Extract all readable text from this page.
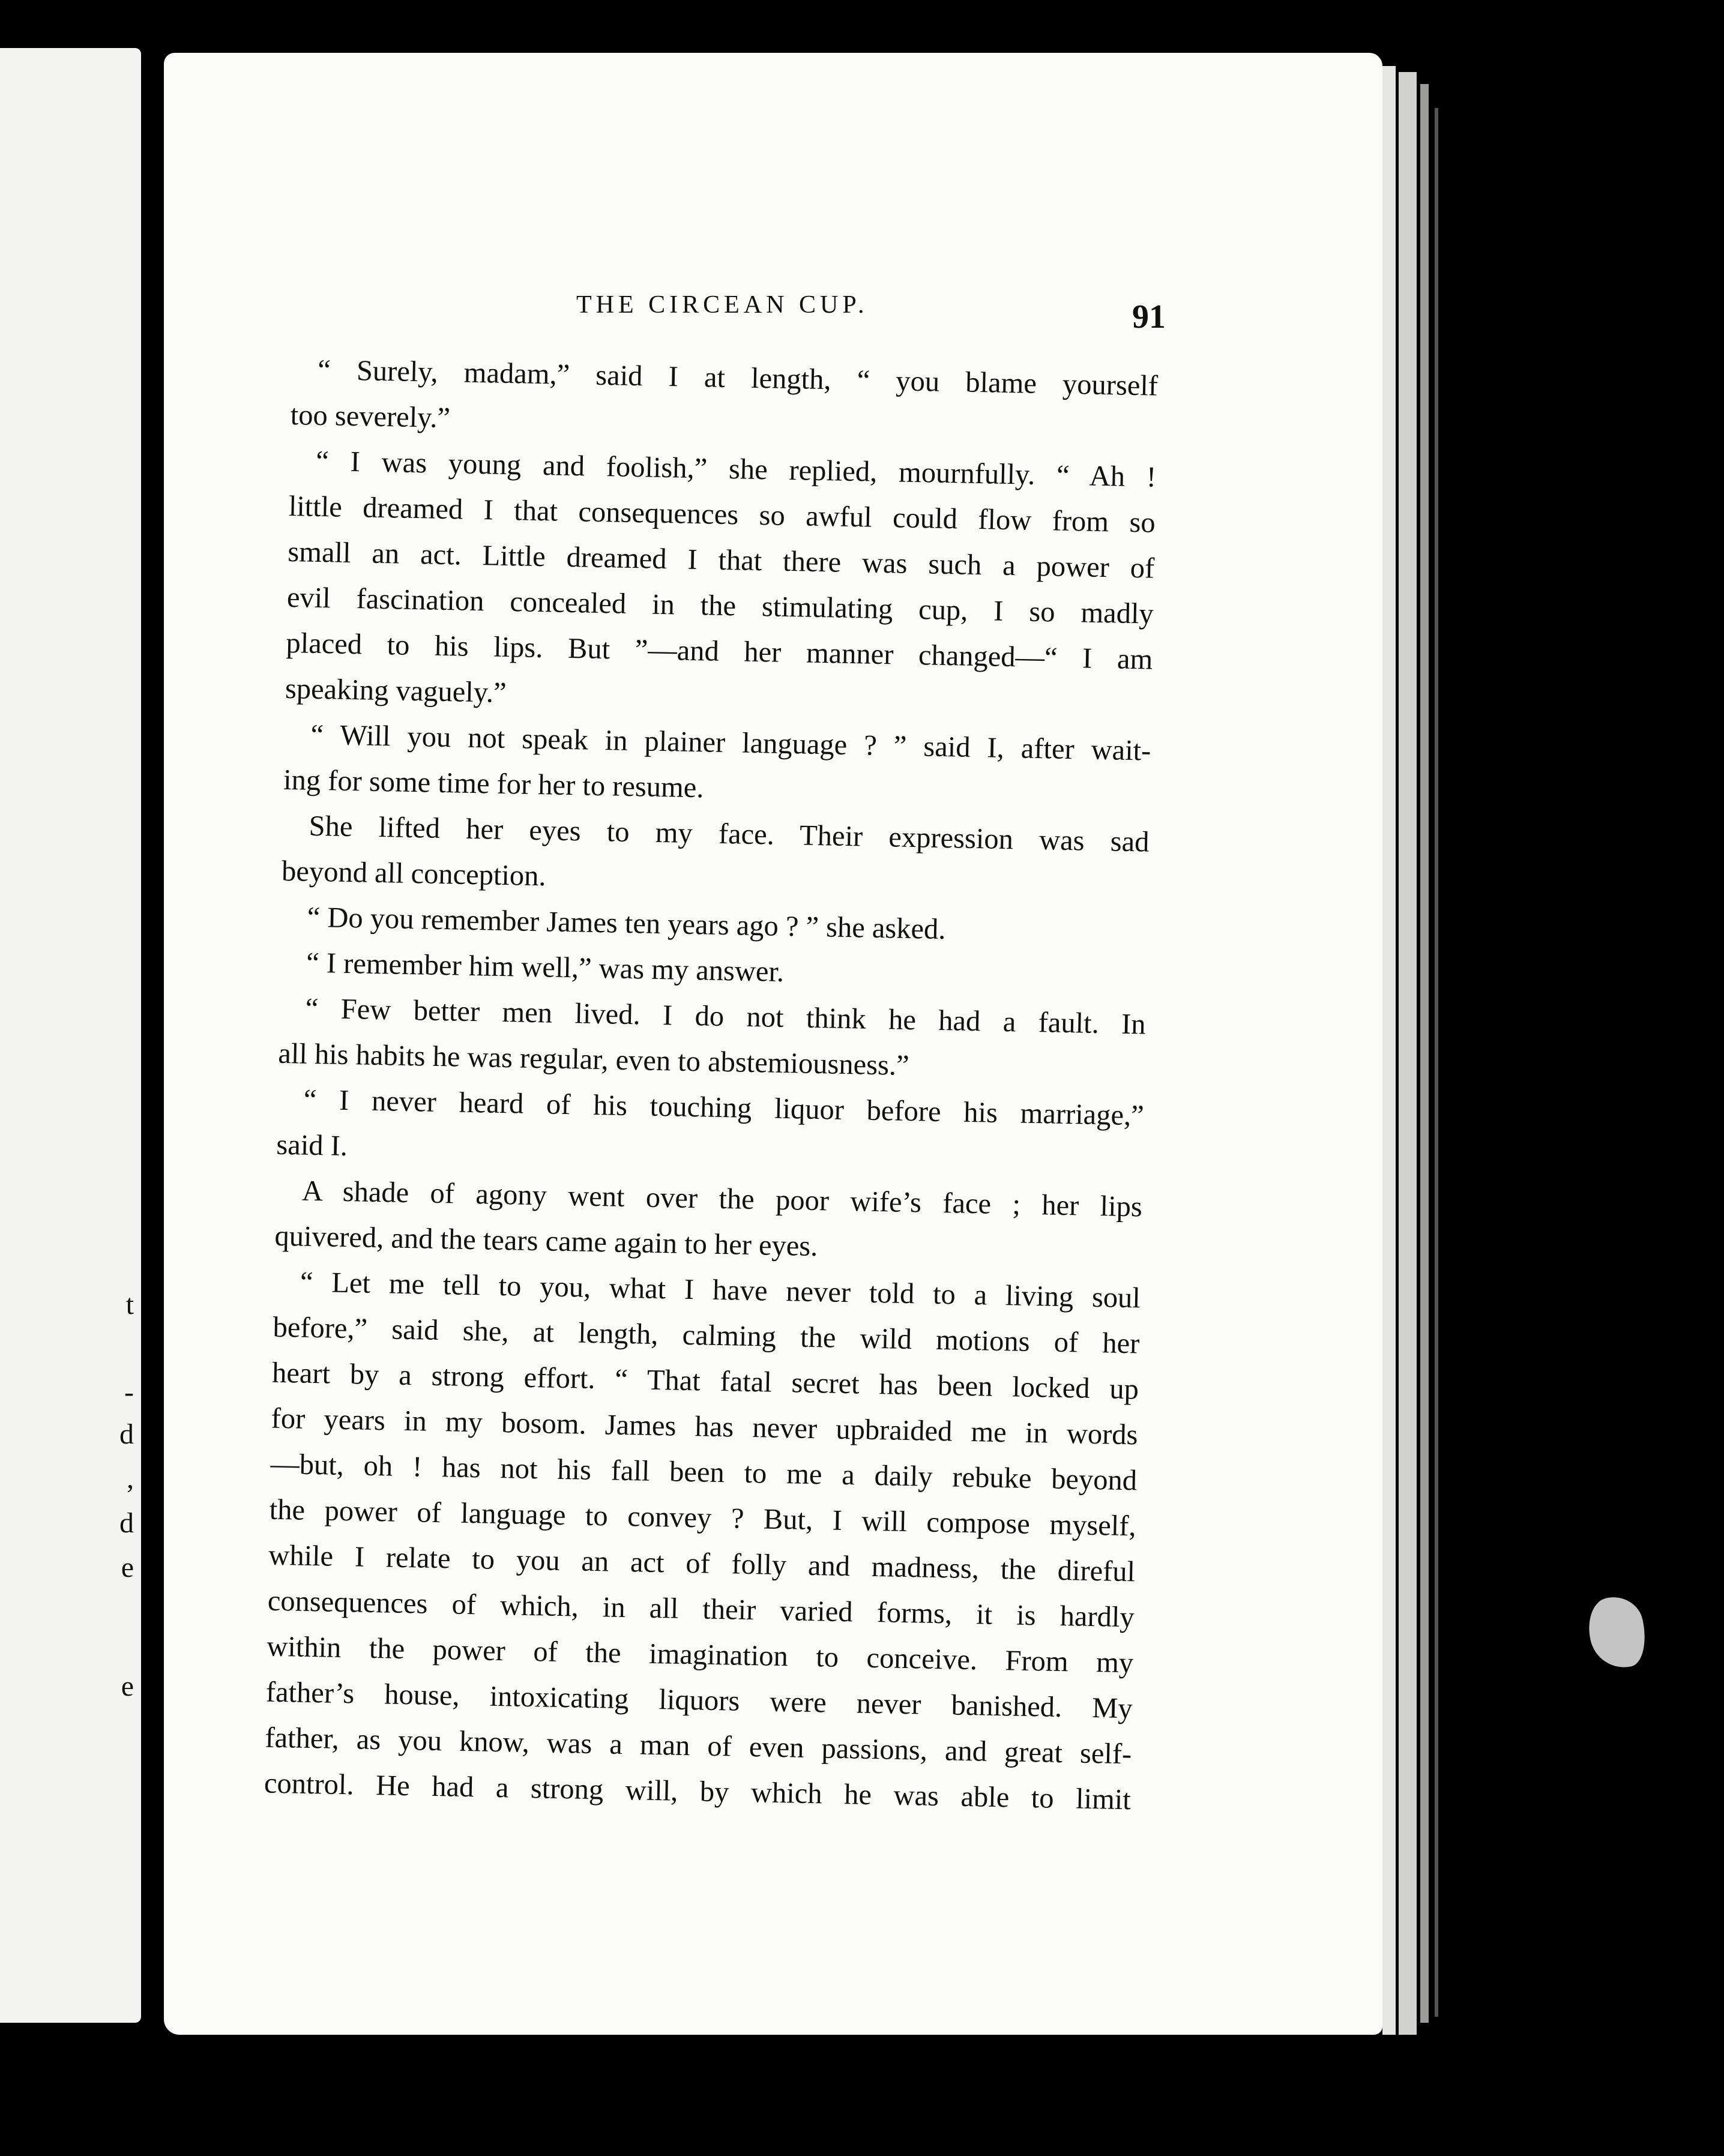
t
-
d
,
d
e
e
THE CIRCEAN CUP.	91
“ Surely, madam,” said I at length, “ you blame yourself
too severely.”
“ I was young and foolish,” she replied, mournfully. “ Ah !
little dreamed I that consequences so awful could flow from so
small an act. Little dreamed I that there was such a power of
evil fascination concealed in the stimulating cup, I so madly
placed to his lips. But ”—and her manner changed—“ I am
speaking vaguely.”
“ Will you not speak in plainer language ? ” said I, after wait-
ing for some time for her to resume.
She lifted her eyes to my face. Their expression was sad
beyond all conception.
“ Do you remember James ten years ago ? ” she asked.
“ I remember him well,” was my answer.
“ Few better men lived. I do not think he had a fault. In
all his habits he was regular, even to abstemiousness.”
“ I never heard of his touching liquor before his marriage,”
said I.
A shade of agony went over the poor wife’s face ; her lips
quivered, and the tears came again to her eyes.
“ Let me tell to you, what I have never told to a living soul
before,” said she, at length, calming the wild motions of her
heart by a strong effort. “ That fatal secret has been locked up
for years in my bosom. James has never upbraided me in words
—but, oh ! has not his fall been to me a daily rebuke beyond
the power of language to convey ? But, I will compose myself,
while I relate to you an act of folly and madness, the direful
consequences of which, in all their varied forms, it is hardly
within the power of the imagination to conceive. From my
father’s house, intoxicating liquors were never banished. My
father, as you know, was a man of even passions, and great self-
control. He had a strong will, by which he was able to limit
